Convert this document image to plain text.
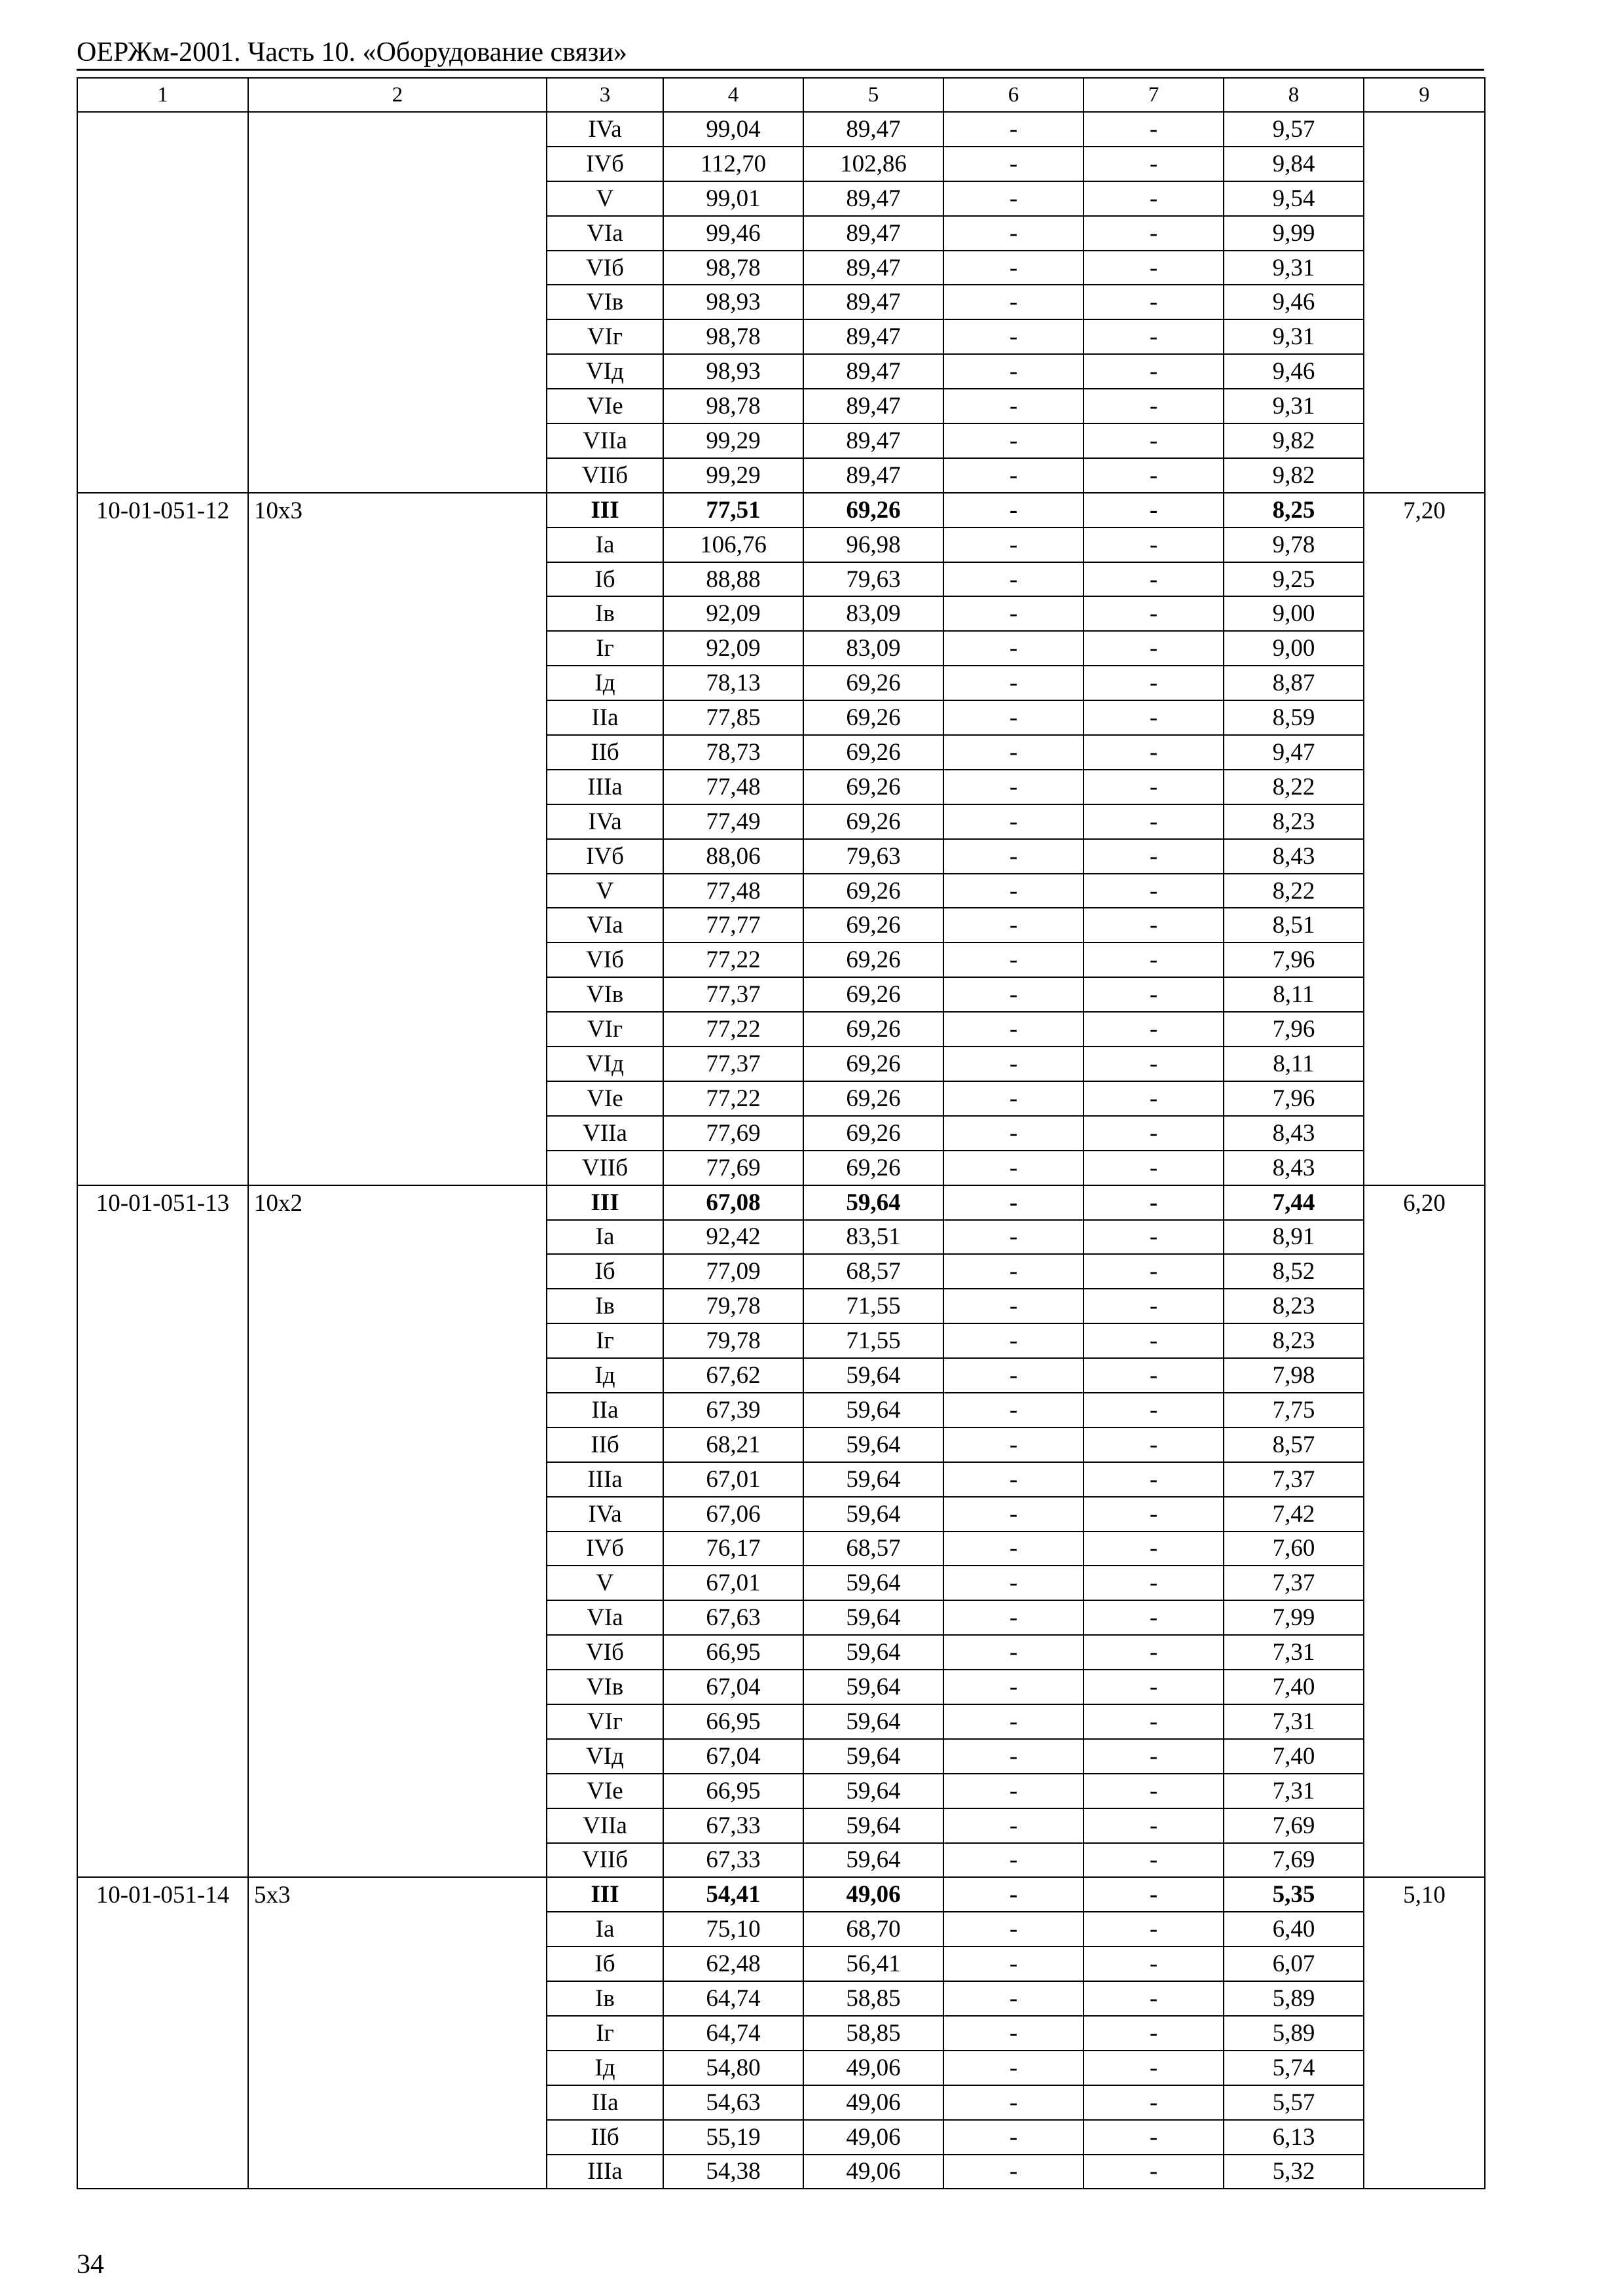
ОЕРЖм-2001. Часть 10. «Оборудование связи»
1	2	3	4	5	6	7	8	9
		IVa	99,04	89,47	-	-	9,57	
		IVб	112,70	102,86	-	-	9,84	
		V	99,01	89,47	-	-	9,54	
		VIa	99,46	89,47	-	-	9,99	
		VIб	98,78	89,47	-	-	9,31	
		VIв	98,93	89,47	-	-	9,46	
		VIг	98,78	89,47	-	-	9,31	
		VIд	98,93	89,47	-	-	9,46	
		VIe	98,78	89,47	-	-	9,31	
		VIIa	99,29	89,47	-	-	9,82	
		VIIб	99,29	89,47	-	-	9,82	
10-01-051-12	10x3	III	77,51	69,26	-	-	8,25	7,20
		Ia	106,76	96,98	-	-	9,78	
		Iб	88,88	79,63	-	-	9,25	
		Iв	92,09	83,09	-	-	9,00	
		Iг	92,09	83,09	-	-	9,00	
		Iд	78,13	69,26	-	-	8,87	
		IIa	77,85	69,26	-	-	8,59	
		IIб	78,73	69,26	-	-	9,47	
		IIIa	77,48	69,26	-	-	8,22	
		IVa	77,49	69,26	-	-	8,23	
		IVб	88,06	79,63	-	-	8,43	
		V	77,48	69,26	-	-	8,22	
		VIa	77,77	69,26	-	-	8,51	
		VIб	77,22	69,26	-	-	7,96	
		VIв	77,37	69,26	-	-	8,11	
		VIг	77,22	69,26	-	-	7,96	
		VIд	77,37	69,26	-	-	8,11	
		VIe	77,22	69,26	-	-	7,96	
		VIIa	77,69	69,26	-	-	8,43	
		VIIб	77,69	69,26	-	-	8,43	
10-01-051-13	10x2	III	67,08	59,64	-	-	7,44	6,20
		Ia	92,42	83,51	-	-	8,91	
		Iб	77,09	68,57	-	-	8,52	
		Iв	79,78	71,55	-	-	8,23	
		Iг	79,78	71,55	-	-	8,23	
		Iд	67,62	59,64	-	-	7,98	
		IIa	67,39	59,64	-	-	7,75	
		IIб	68,21	59,64	-	-	8,57	
		IIIa	67,01	59,64	-	-	7,37	
		IVa	67,06	59,64	-	-	7,42	
		IVб	76,17	68,57	-	-	7,60	
		V	67,01	59,64	-	-	7,37	
		VIa	67,63	59,64	-	-	7,99	
		VIб	66,95	59,64	-	-	7,31	
		VIв	67,04	59,64	-	-	7,40	
		VIг	66,95	59,64	-	-	7,31	
		VIд	67,04	59,64	-	-	7,40	
		VIe	66,95	59,64	-	-	7,31	
		VIIa	67,33	59,64	-	-	7,69	
		VIIб	67,33	59,64	-	-	7,69	
10-01-051-14	5x3	III	54,41	49,06	-	-	5,35	5,10
		Ia	75,10	68,70	-	-	6,40	
		Iб	62,48	56,41	-	-	6,07	
		Iв	64,74	58,85	-	-	5,89	
		Iг	64,74	58,85	-	-	5,89	
		Iд	54,80	49,06	-	-	5,74	
		IIa	54,63	49,06	-	-	5,57	
		IIб	55,19	49,06	-	-	6,13	
		IIIa	54,38	49,06	-	-	5,32	
34
